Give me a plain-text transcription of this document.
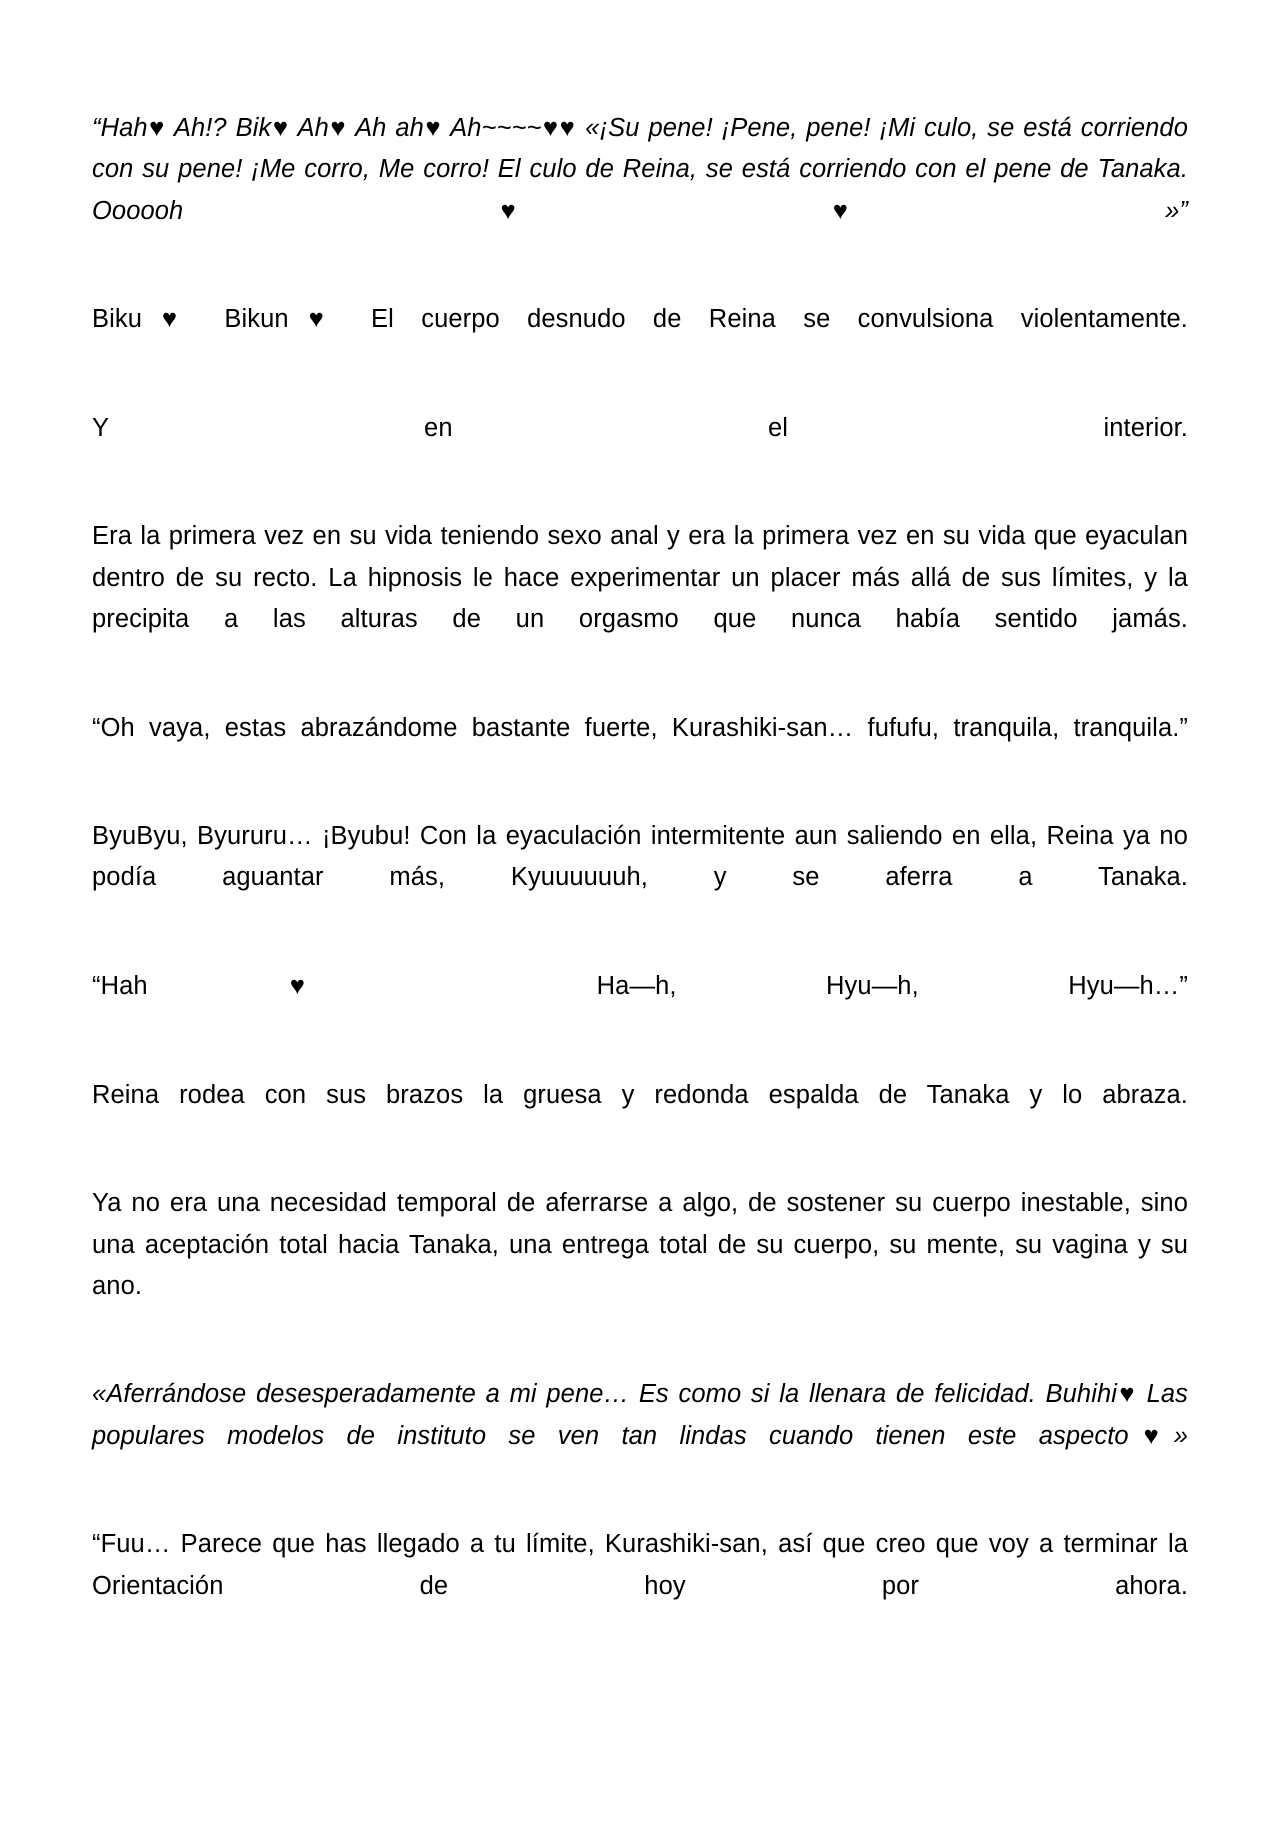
“Hah♥ Ah!? Bik♥ Ah♥ Ah ah♥ Ah~~~~♥♥ «¡Su pene! ¡Pene, pene! ¡Mi culo, se está corriendo con su pene! ¡Me corro, Me corro! El culo de Reina, se está corriendo con el pene de Tanaka. Oooooh♥♥»”

Biku♥ Bikun♥ El cuerpo desnudo de Reina se convulsiona violentamente.

Y en el interior.

Era la primera vez en su vida teniendo sexo anal y era la primera vez en su vida que eyaculan dentro de su recto. La hipnosis le hace experimentar un placer más allá de sus límites, y la precipita a las alturas de un orgasmo que nunca había sentido jamás.

“Oh vaya, estas abrazándome bastante fuerte, Kurashiki-san… fufufu, tranquila, tranquila.”

ByuByu, Byururu… ¡Byubu! Con la eyaculación intermitente aun saliendo en ella, Reina ya no podía aguantar más, Kyuuuuuuh, y se aferra a Tanaka.

“Hah♥ Ha—h, Hyu—h, Hyu—h…”

Reina rodea con sus brazos la gruesa y redonda espalda de Tanaka y lo abraza.

Ya no era una necesidad temporal de aferrarse a algo, de sostener su cuerpo inestable, sino una aceptación total hacia Tanaka, una entrega total de su cuerpo, su mente, su vagina y su ano.

«Aferrándose desesperadamente a mi pene… Es como si la llenara de felicidad. Buhihi♥ Las populares modelos de instituto se ven tan lindas cuando tienen este aspecto♥»

“Fuu… Parece que has llegado a tu límite, Kurashiki-san, así que creo que voy a terminar la Orientación de hoy por ahora.
